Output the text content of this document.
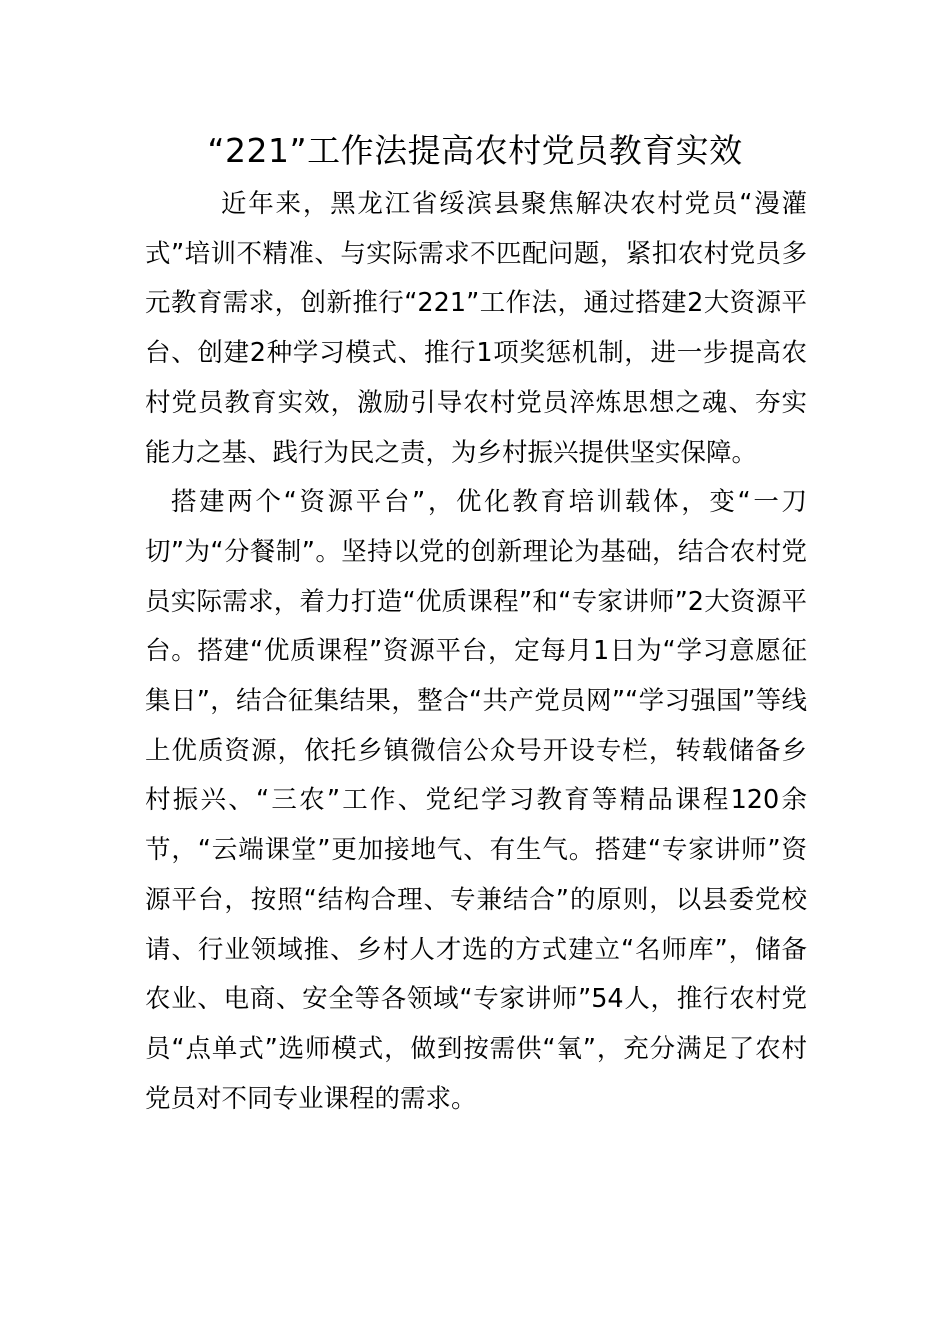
“221”工作法提高农村党员教育实效

近年来，黑龙江省绥滨县聚焦解决农村党员“漫灌式”培训不精准、与实际需求不匹配问题，紧扣农村党员多元教育需求，创新推行“221”工作法，通过搭建2大资源平台、创建2种学习模式、推行1项奖惩机制，进一步提高农村党员教育实效，激励引导农村党员淬炼思想之魂、夯实能力之基、践行为民之责，为乡村振兴提供坚实保障。

搭建两个“资源平台”，优化教育培训载体，变“一刀切”为“分餐制”。坚持以党的创新理论为基础，结合农村党员实际需求，着力打造“优质课程”和“专家讲师”2大资源平台。搭建“优质课程”资源平台，定每月1日为“学习意愿征集日”，结合征集结果，整合“共产党员网”“学习强国”等线上优质资源，依托乡镇微信公众号开设专栏，转载储备乡村振兴、“三农”工作、党纪学习教育等精品课程120余节，“云端课堂”更加接地气、有生气。搭建“专家讲师”资源平台，按照“结构合理、专兼结合”的原则，以县委党校请、行业领域推、乡村人才选的方式建立“名师库”，储备农业、电商、安全等各领域“专家讲师”54人，推行农村党员“点单式”选师模式，做到按需供“氧”，充分满足了农村党员对不同专业课程的需求。
